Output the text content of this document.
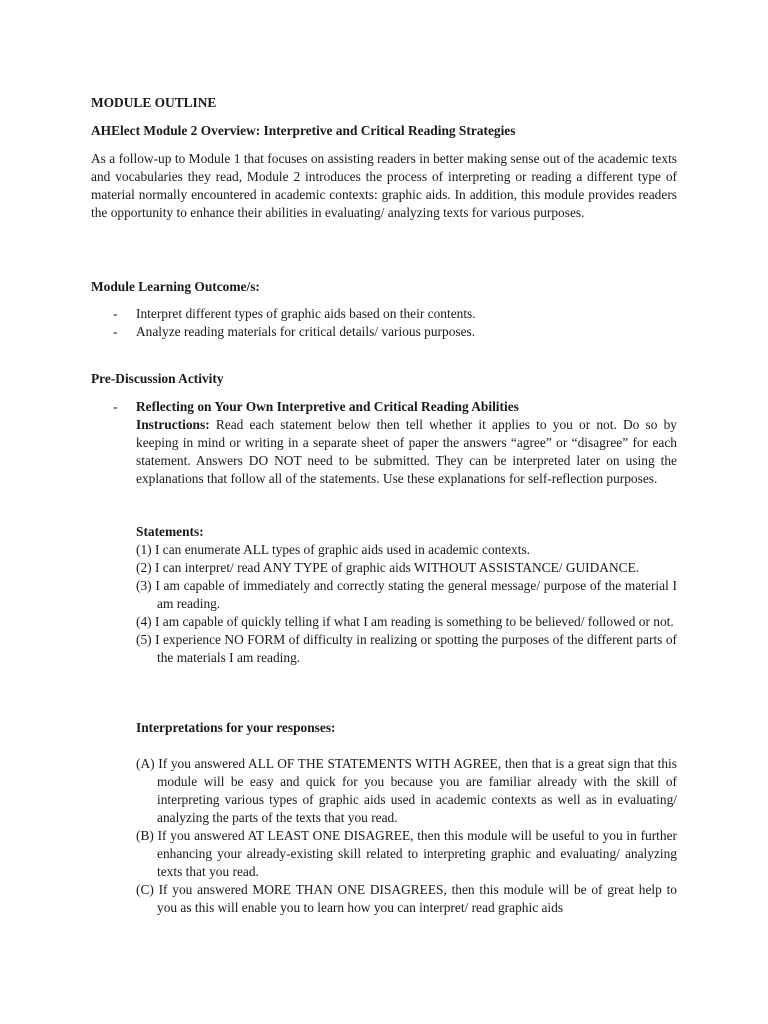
MODULE OUTLINE
AHElect Module 2 Overview: Interpretive and Critical Reading Strategies

As a follow-up to Module 1 that focuses on assisting readers in better making sense out of the academic texts and vocabularies they read, Module 2 introduces the process of interpreting or reading a different type of material normally encountered in academic contexts: graphic aids. In addition, this module provides readers the opportunity to enhance their abilities in evaluating/ analyzing texts for various purposes.

Module Learning Outcome/s:
- Interpret different types of graphic aids based on their contents.
- Analyze reading materials for critical details/ various purposes.
Pre-Discussion Activity
- Reflecting on Your Own Interpretive and Critical Reading Abilities
Instructions: Read each statement below then tell whether it applies to you or not. Do so by keeping in mind or writing in a separate sheet of paper the answers “agree” or “disagree” for each statement. Answers DO NOT need to be submitted. They can be interpreted later on using the explanations that follow all of the statements. Use these explanations for self-reflection purposes.
Statements:
(1) I can enumerate ALL types of graphic aids used in academic contexts.
(2) I can interpret/ read ANY TYPE of graphic aids WITHOUT ASSISTANCE/ GUIDANCE.
(3) I am capable of immediately and correctly stating the general message/ purpose of the material I am reading.
(4) I am capable of quickly telling if what I am reading is something to be believed/ followed or not.
(5) I experience NO FORM of difficulty in realizing or spotting the purposes of the different parts of the materials I am reading.
Interpretations for your responses:
(A) If you answered ALL OF THE STATEMENTS WITH AGREE, then that is a great sign that this module will be easy and quick for you because you are familiar already with the skill of interpreting various types of graphic aids used in academic contexts as well as in evaluating/ analyzing the parts of the texts that you read.
(B) If you answered AT LEAST ONE DISAGREE, then this module will be useful to you in further enhancing your already-existing skill related to interpreting graphic and evaluating/ analyzing texts that you read.
(C) If you answered MORE THAN ONE DISAGREES, then this module will be of great help to you as this will enable you to learn how you can interpret/ read graphic aids
